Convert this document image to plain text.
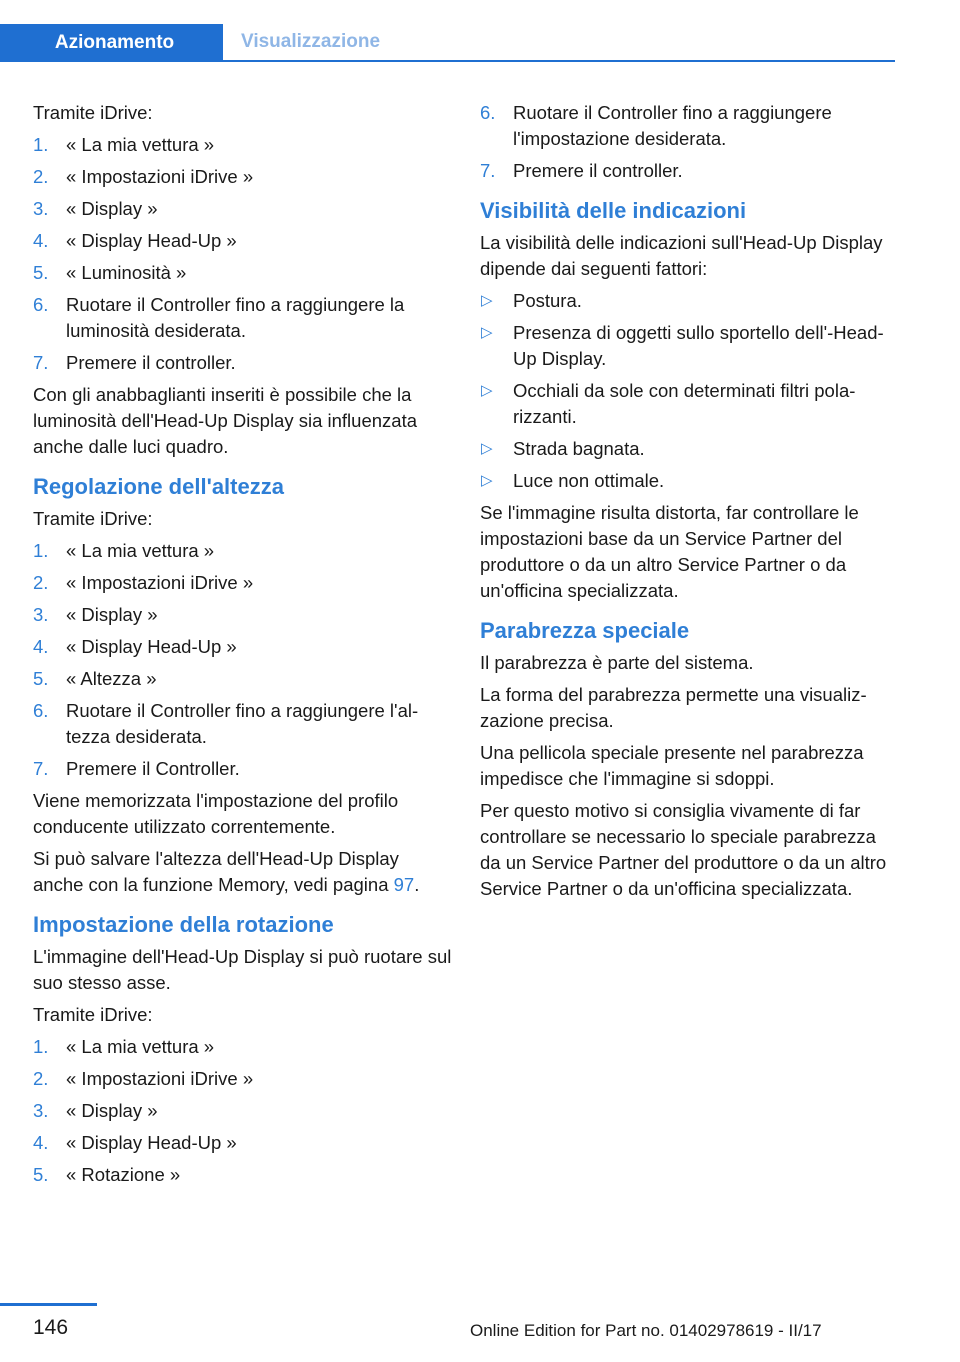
Azionamento	Visualizzazione

Tramite iDrive:

1. « La mia vettura »
2. « Impostazioni iDrive »
3. « Display »
4. « Display Head-Up »
5. « Luminosità »
6. Ruotare il Controller fino a raggiungere la luminosità desiderata.
7. Premere il controller.

Con gli anabbaglianti inseriti è possibile che la luminosità dell'Head-Up Display sia influenzata anche dalle luci quadro.

Regolazione dell'altezza

Tramite iDrive:

1. « La mia vettura »
2. « Impostazioni iDrive »
3. « Display »
4. « Display Head-Up »
5. « Altezza »
6. Ruotare il Controller fino a raggiungere l'altezza desiderata.
7. Premere il Controller.

Viene memorizzata l'impostazione del profilo conducente utilizzato correntemente.

Si può salvare l'altezza dell'Head-Up Display anche con la funzione Memory, vedi pagina 97.

Impostazione della rotazione

L'immagine dell'Head-Up Display si può ruotare sul suo stesso asse.

Tramite iDrive:

1. « La mia vettura »
2. « Impostazioni iDrive »
3. « Display »
4. « Display Head-Up »
5. « Rotazione »
6. Ruotare il Controller fino a raggiungere l'impostazione desiderata.
7. Premere il controller.
Visibilità delle indicazioni

La visibilità delle indicazioni sull'Head-Up Display dipende dai seguenti fattori:

▷ Postura.
▷ Presenza di oggetti sullo sportello dell'-Head-Up Display.
▷ Occhiali da sole con determinati filtri polarizzanti.
▷ Strada bagnata.
▷ Luce non ottimale.

Se l'immagine risulta distorta, far controllare le impostazioni base da un Service Partner del produttore o da un altro Service Partner o da un'officina specializzata.

Parabrezza speciale

Il parabrezza è parte del sistema.

La forma del parabrezza permette una visualizzazione precisa.

Una pellicola speciale presente nel parabrezza impedisce che l'immagine si sdoppi.

Per questo motivo si consiglia vivamente di far controllare se necessario lo speciale parabrezza da un Service Partner del produttore o da un altro Service Partner o da un'officina specializzata.

146	Online Edition for Part no. 01402978619 - II/17
